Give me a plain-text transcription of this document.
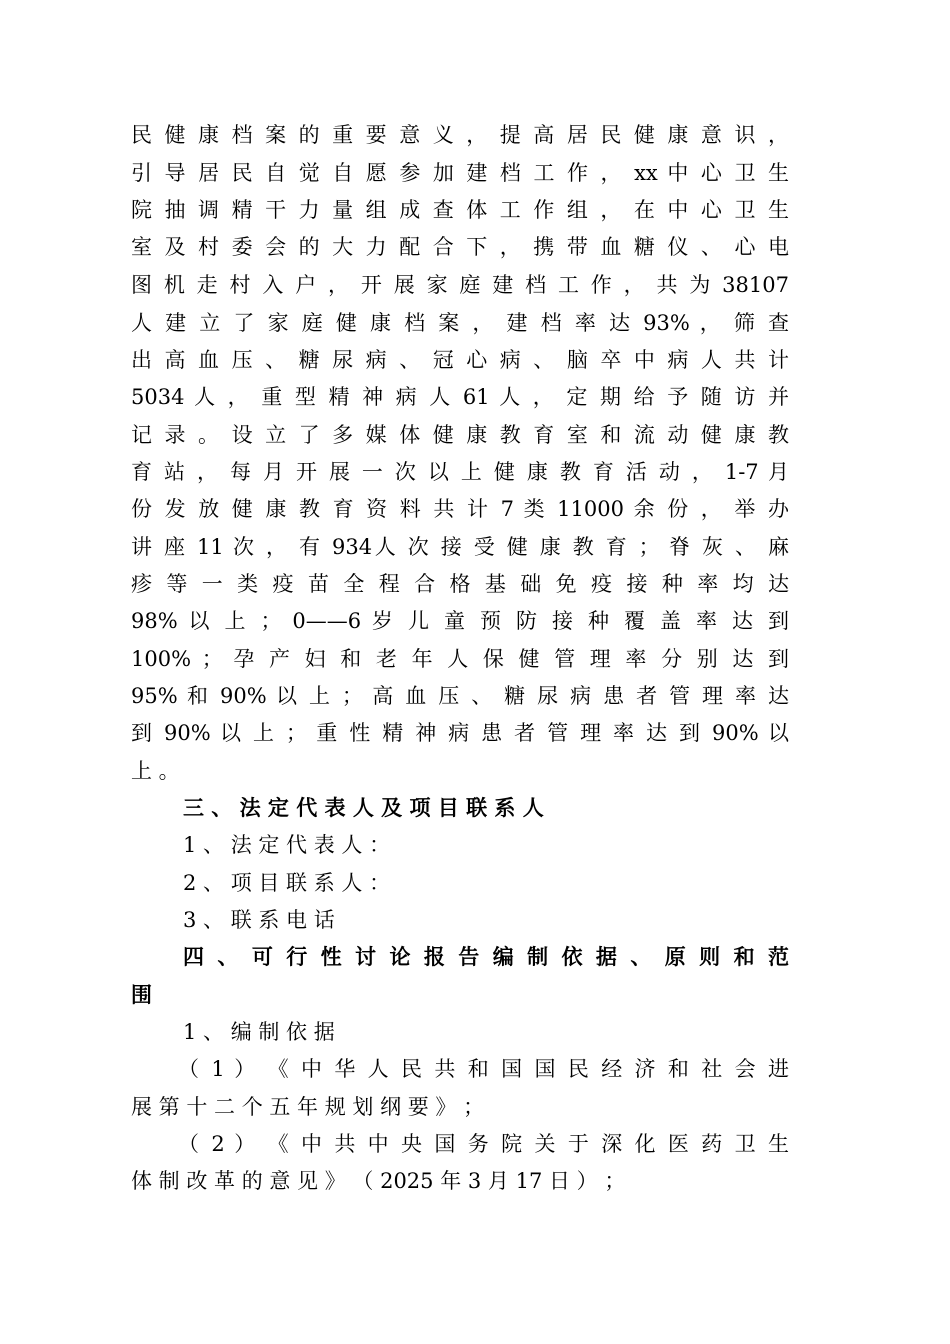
民 健 康 档 案 的 重 要 意 义 ， 提 高 居 民 健 康 意 识 ，
引 导 居 民 自 觉 自 愿 参 加 建 档 工 作 ， xx 中 心 卫 生
院 抽 调 精 干 力 量 组 成 查 体 工 作 组 ， 在 中 心 卫 生
室 及 村 委 会 的 大 力 配 合 下 ， 携 带 血 糖 仪 、 心 电
图 机 走 村 入 户 ， 开 展 家 庭 建 档 工 作 ， 共 为 38107
人 建 立 了 家 庭 健 康 档 案 ， 建 档 率 达 93% ， 筛 查
出 高 血 压 、 糖 尿 病 、 冠 心 病 、 脑 卒 中 病 人 共 计
5034 人 ， 重 型 精 神 病 人 61 人 ， 定 期 给 予 随 访 并
记 录 。 设 立 了 多 媒 体 健 康 教 育 室 和 流 动 健 康 教
育 站 ， 每 月 开 展 一 次 以 上 健 康 教 育 活 动 ， 1-7 月
份 发 放 健 康 教 育 资 料 共 计 7 类 11000 余 份 ， 举 办
讲 座 11 次 ， 有 934人 次 接 受 健 康 教 育 ； 脊 灰 、 麻
疹 等 一 类 疫 苗 全 程 合 格 基 础 免 疫 接 种 率 均 达
98% 以 上 ； 0——6 岁 儿 童 预 防 接 种 覆 盖 率 达 到
100% ； 孕 产 妇 和 老 年 人 保 健 管 理 率 分 别 达 到
95% 和 90% 以 上 ； 高 血 压 、 糖 尿 病 患 者 管 理 率 达
到 90% 以 上 ； 重 性 精 神 病 患 者 管 理 率 达 到 90% 以
上 。
三 、 法 定 代 表 人 及 项 目 联 系 人
1 、 法 定 代 表 人 ：
2 、 项 目 联 系 人 ：
3 、 联 系 电 话
四 、 可 行 性 讨 论 报 告 编 制 依 据 、 原 则 和 范
围
1 、 编 制 依 据
（ 1 ） 《 中 华 人 民 共 和 国 国 民 经 济 和 社 会 进
展 第 十 二 个 五 年 规 划 纲 要 》 ；
（ 2 ） 《 中 共 中 央 国 务 院 关 于 深 化 医 药 卫 生
体 制 改 革 的 意 见 》 （ 2025 年 3 月 17 日 ） ；
